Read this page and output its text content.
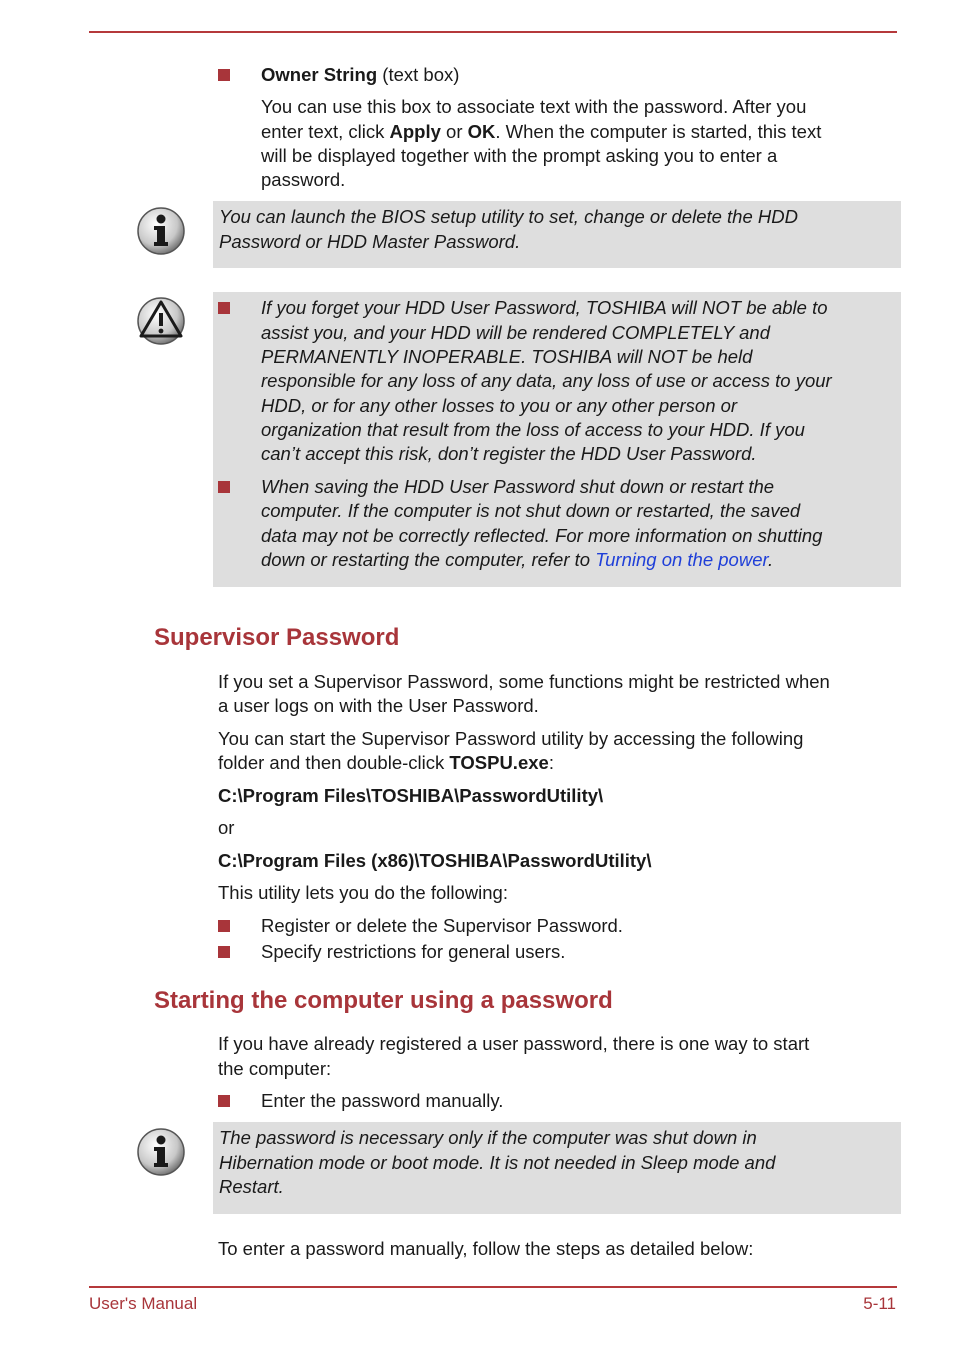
Owner String (text box)
You can use this box to associate text with the password. After you
enter text, click Apply or OK. When the computer is started, this text
will be displayed together with the prompt asking you to enter a
password.
You can launch the BIOS setup utility to set, change or delete the HDD
Password or HDD Master Password.
If you forget your HDD User Password, TOSHIBA will NOT be able to
assist you, and your HDD will be rendered COMPLETELY and
PERMANENTLY INOPERABLE. TOSHIBA will NOT be held
responsible for any loss of any data, any loss of use or access to your
HDD, or for any other losses to you or any other person or
organization that result from the loss of access to your HDD. If you
can’t accept this risk, don’t register the HDD User Password.
When saving the HDD User Password shut down or restart the
computer. If the computer is not shut down or restarted, the saved
data may not be correctly reflected. For more information on shutting
down or restarting the computer, refer to Turning on the power.
Supervisor Password
If you set a Supervisor Password, some functions might be restricted when
a user logs on with the User Password.
You can start the Supervisor Password utility by accessing the following
folder and then double-click TOSPU.exe:
C:\Program Files\TOSHIBA\PasswordUtility\
or
C:\Program Files (x86)\TOSHIBA\PasswordUtility\
This utility lets you do the following:
Register or delete the Supervisor Password.
Specify restrictions for general users.
Starting the computer using a password
If you have already registered a user password, there is one way to start
the computer:
Enter the password manually.
The password is necessary only if the computer was shut down in
Hibernation mode or boot mode. It is not needed in Sleep mode and
Restart.
To enter a password manually, follow the steps as detailed below:
User's Manual	5-11
